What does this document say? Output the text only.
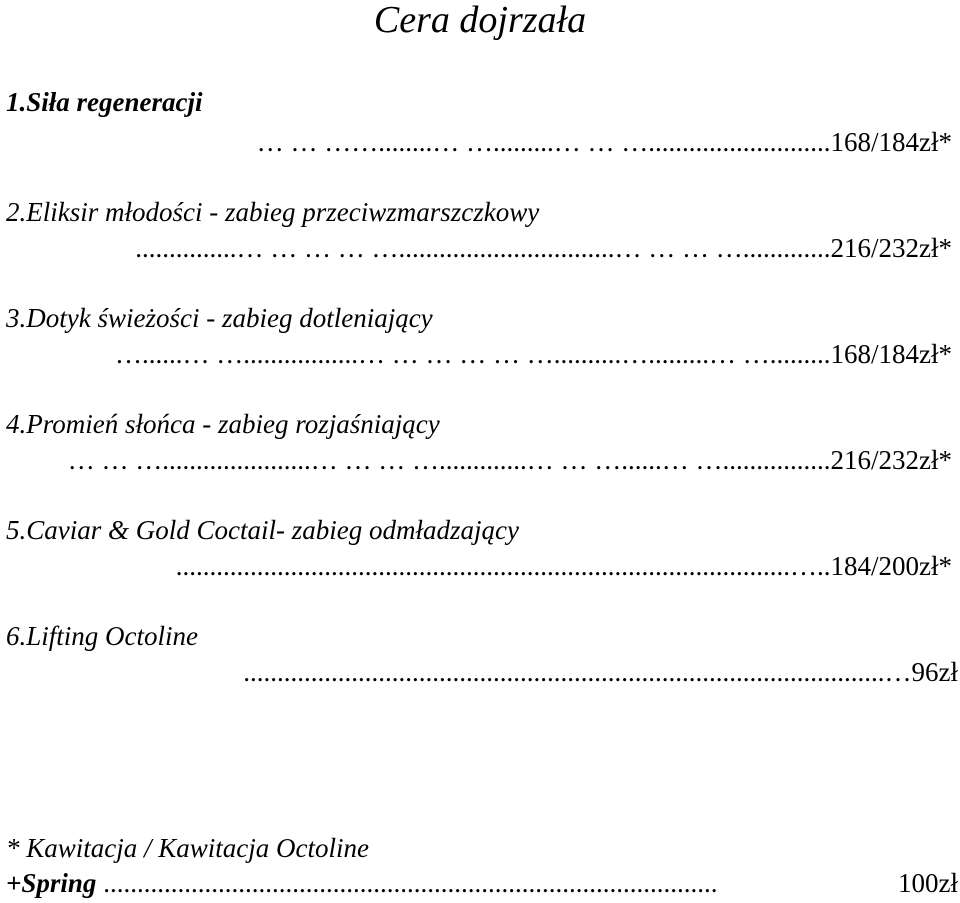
Cera dojrzała
1.Siła regeneracji
… … ……........… ….........… … …...........................168/184zł*
2.Eliksir młodości - zabieg przeciwzmarszczkowy
...............… … … … …................................… … … ….............216/232zł*
3.Dotyk świeżości - zabieg dotleniający
…......… ….................… … … … … …..........….........… ….........168/184zł*
4.Promień słońca - zabieg rozjaśniający
… … …......................… … … ….............… … …......… …................216/232zł*
5.Caviar & Gold Coctail- zabieg odmładzający
...........................................................................................…..184/200zł*
6.Lifting Octoline
...............................................................................................…96zł
* Kawitacja / Kawitacja Octoline
+Spring ...........................................................................................	100zł
